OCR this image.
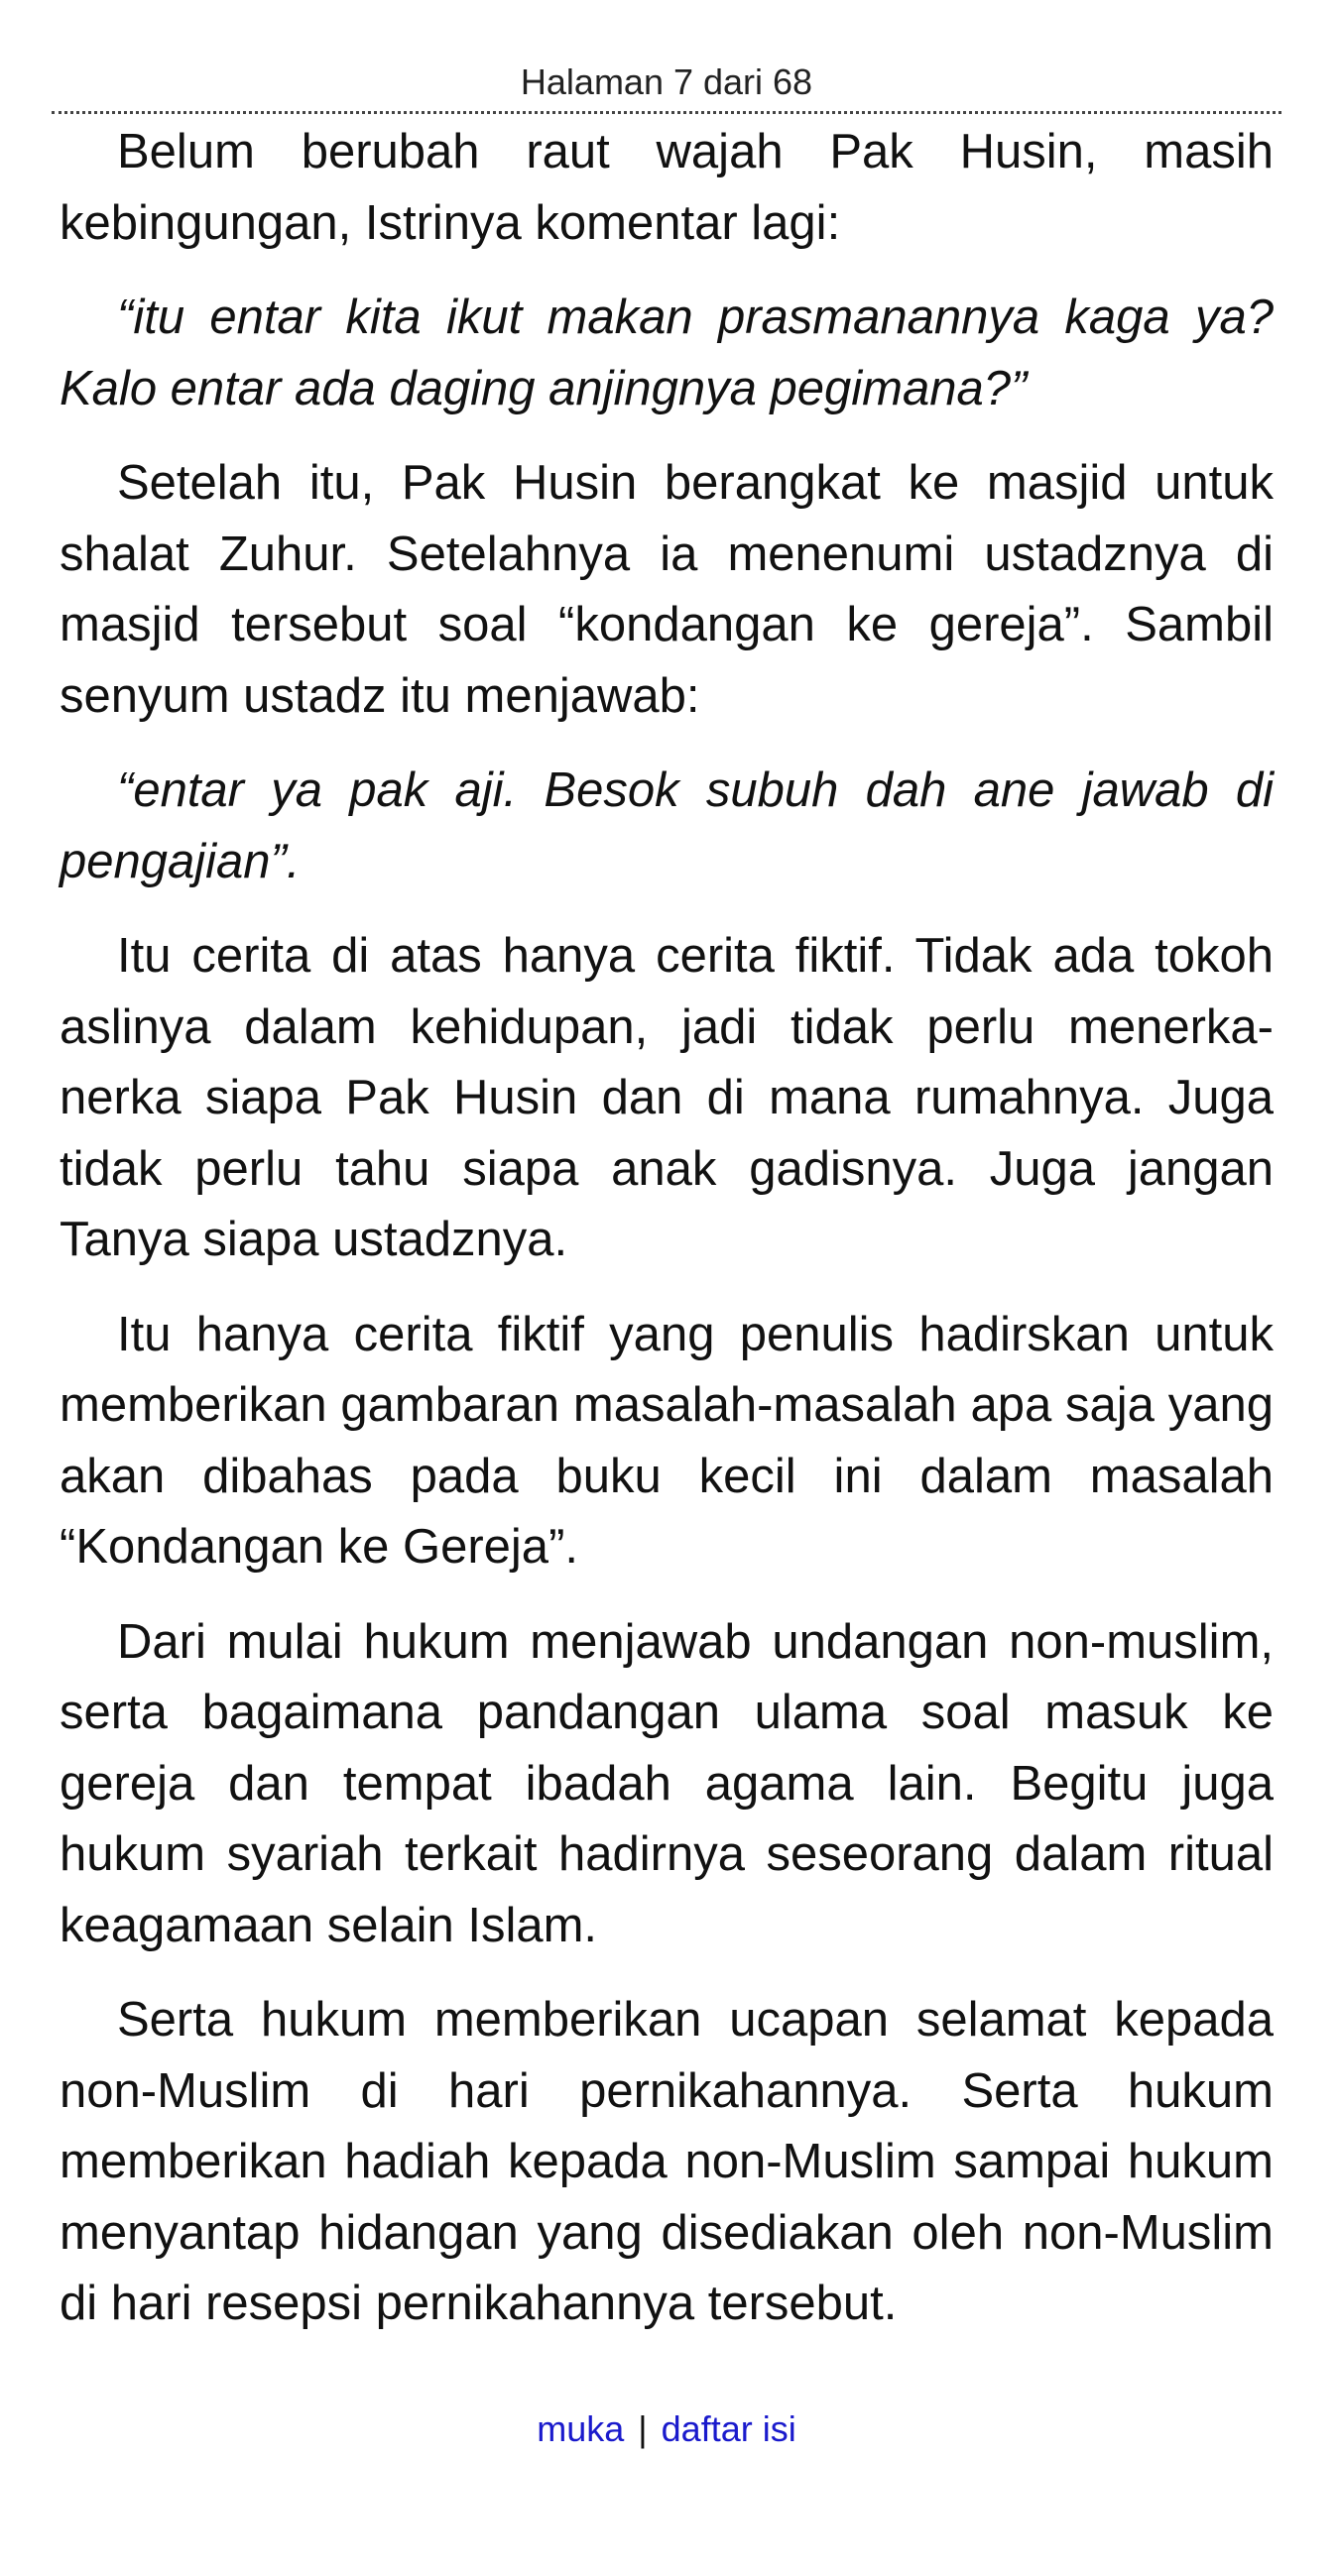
Halaman 7 dari 68

Belum berubah raut wajah Pak Husin, masih kebingungan, Istrinya komentar lagi:

“itu entar kita ikut makan prasmanannya kaga ya? Kalo entar ada daging anjingnya pegimana?”

Setelah itu, Pak Husin berangkat ke masjid untuk shalat Zuhur. Setelahnya ia menenumi ustadznya di masjid tersebut soal “kondangan ke gereja”. Sambil senyum ustadz itu menjawab:

“entar ya pak aji. Besok subuh dah ane jawab di pengajian”.

Itu cerita di atas hanya cerita fiktif. Tidak ada tokoh aslinya dalam kehidupan, jadi tidak perlu menerka-nerka siapa Pak Husin dan di mana rumahnya. Juga tidak perlu tahu siapa anak gadisnya. Juga jangan Tanya siapa ustadznya.

Itu hanya cerita fiktif yang penulis hadirskan untuk memberikan gambaran masalah-masalah apa saja yang akan dibahas pada buku kecil ini dalam masalah “Kondangan ke Gereja”.

Dari mulai hukum menjawab undangan non-muslim, serta bagaimana pandangan ulama soal masuk ke gereja dan tempat ibadah agama lain. Begitu juga hukum syariah terkait hadirnya seseorang dalam ritual keagamaan selain Islam.

Serta hukum memberikan ucapan selamat kepada non-Muslim di hari pernikahannya. Serta hukum memberikan hadiah kepada non-Muslim sampai hukum menyantap hidangan yang disediakan oleh non-Muslim di hari resepsi pernikahannya tersebut.

muka | daftar isi
